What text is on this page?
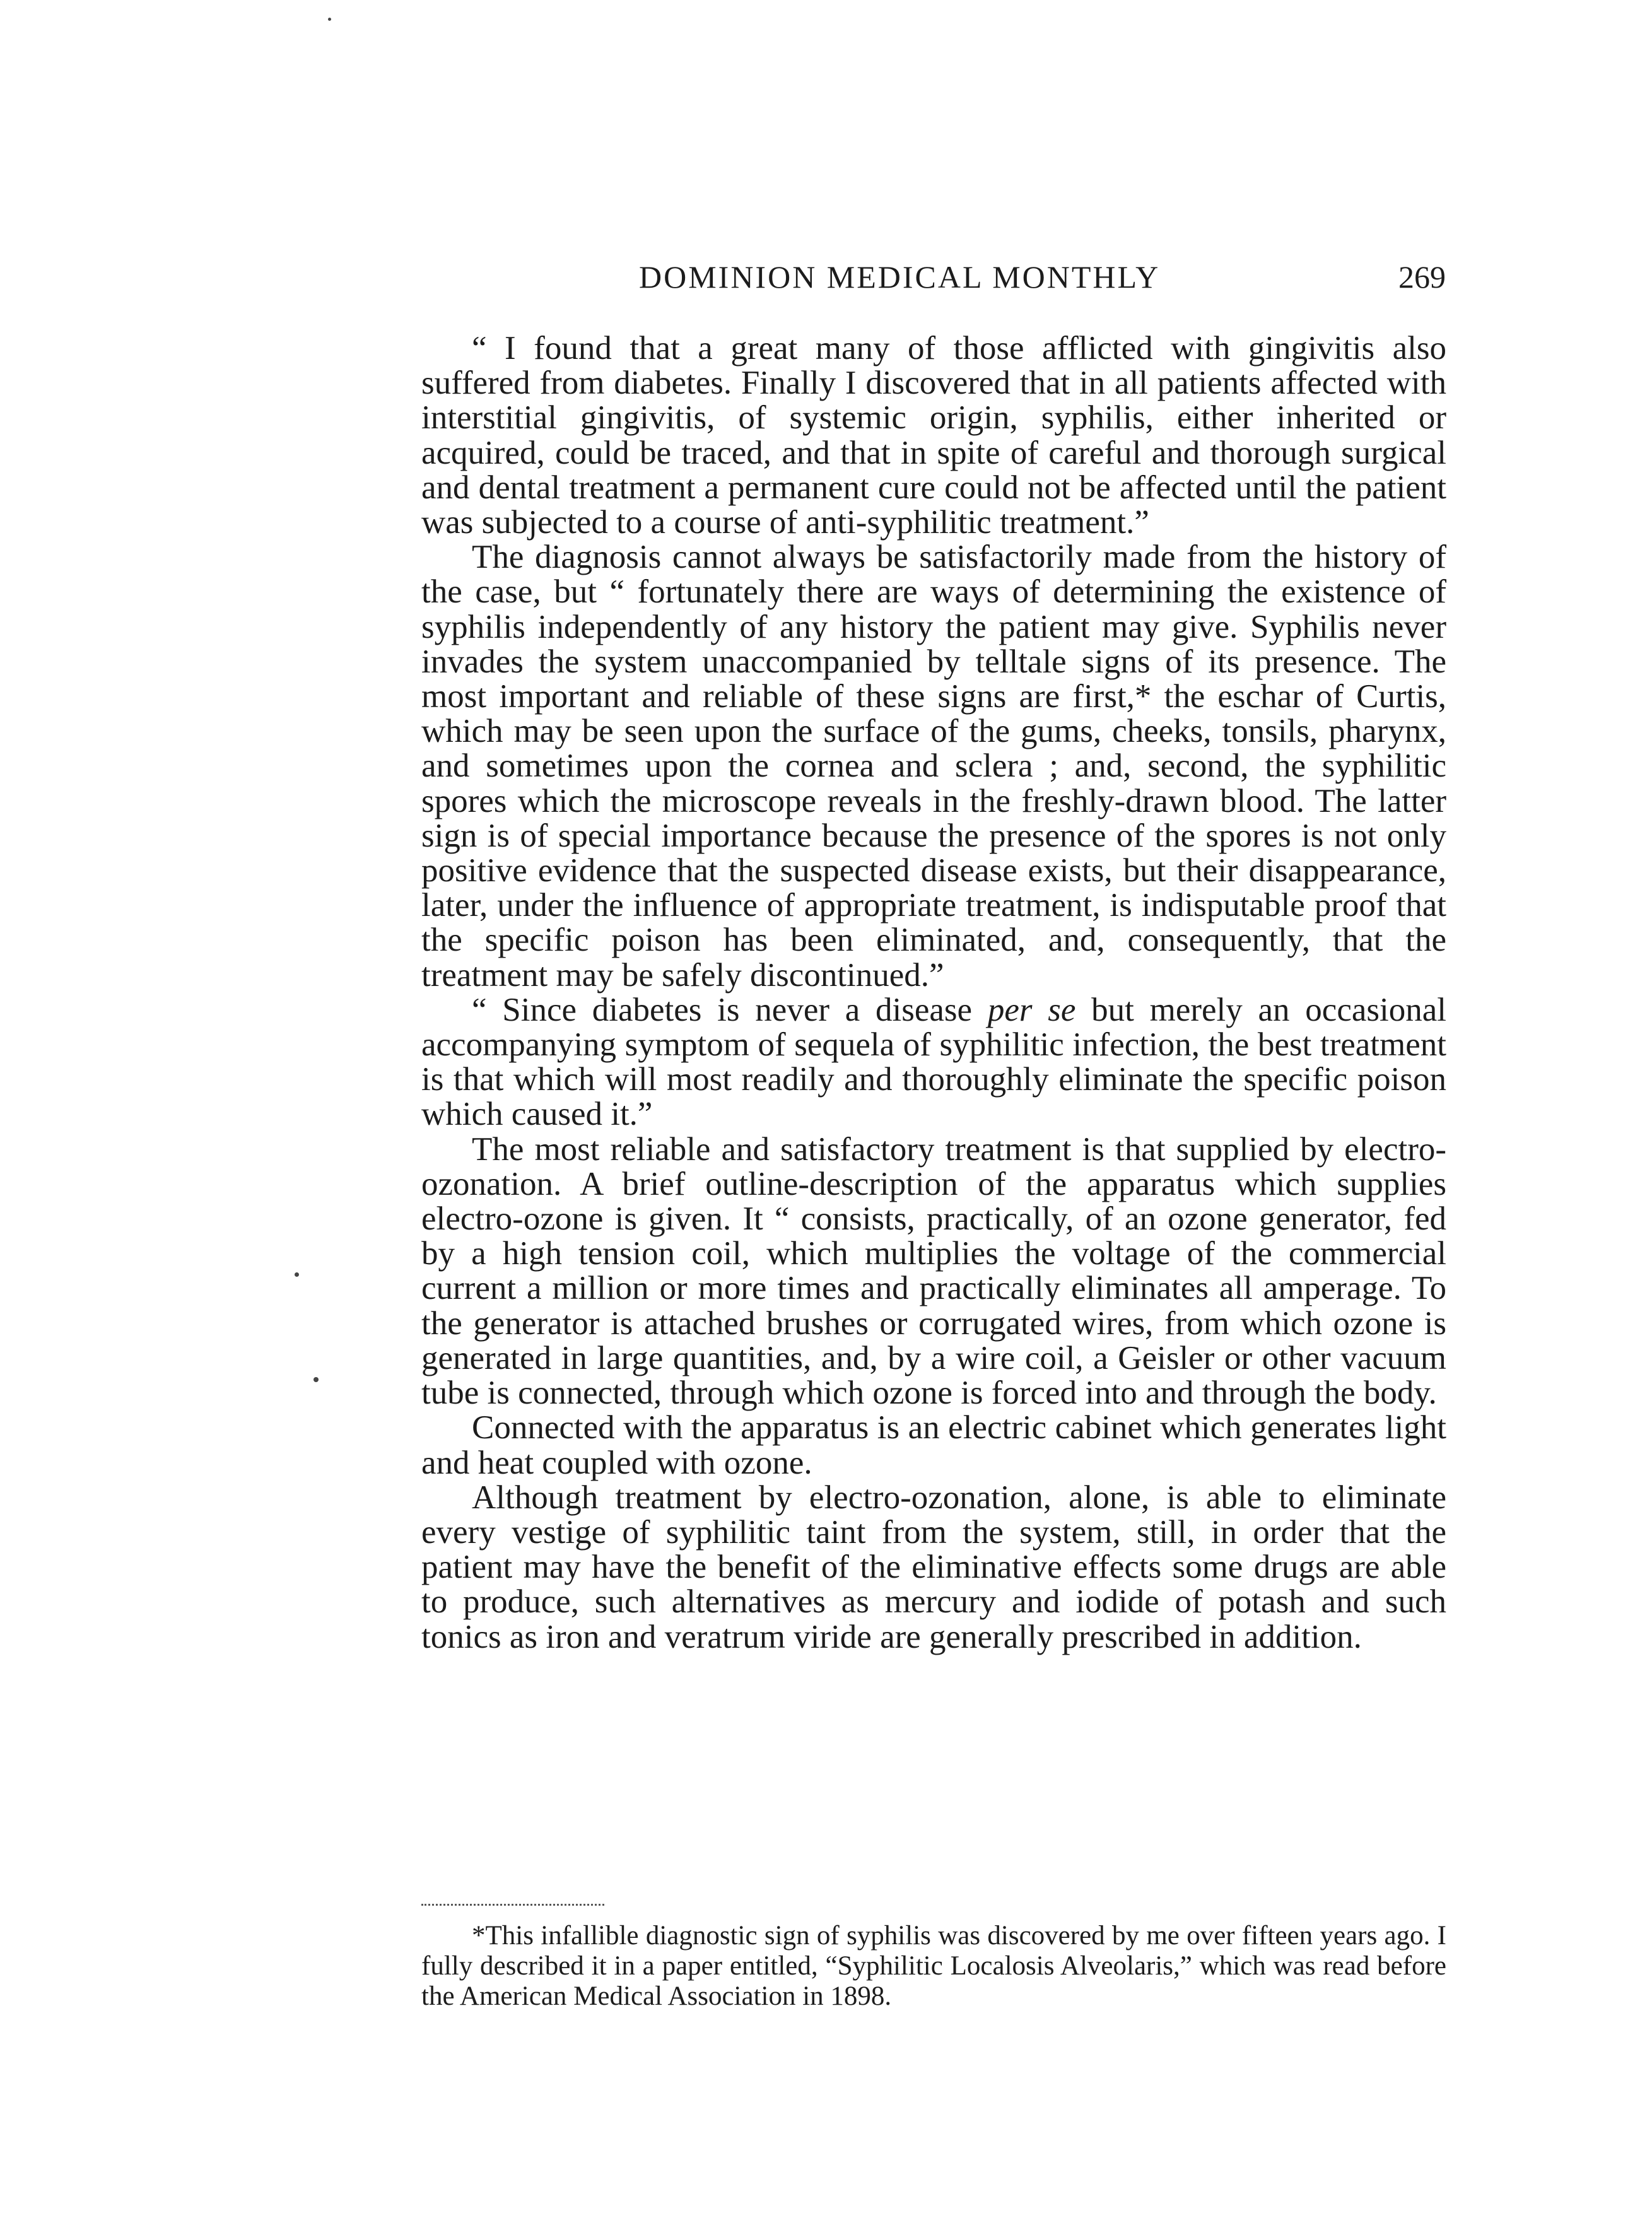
DOMINION MEDICAL MONTHLY	269

“ I found that a great many of those afflicted with gingivitis also suffered from diabetes. Finally I discovered that in all patients affected with interstitial gingivitis, of systemic origin, syphilis, either inherited or acquired, could be traced, and that in spite of careful and thorough surgical and dental treatment a permanent cure could not be affected until the patient was subjected to a course of anti-syphilitic treatment.”

The diagnosis cannot always be satisfactorily made from the history of the case, but “ fortunately there are ways of determining the existence of syphilis independently of any history the patient may give. Syphilis never invades the system unaccompanied by telltale signs of its presence. The most important and reliable of these signs are first,* the eschar of Curtis, which may be seen upon the surface of the gums, cheeks, tonsils, pharynx, and sometimes upon the cornea and sclera ; and, second, the syphilitic spores which the microscope reveals in the freshly-drawn blood. The latter sign is of special importance because the presence of the spores is not only positive evidence that the suspected disease exists, but their disappearance, later, under the influence of appropriate treatment, is indisputable proof that the specific poison has been eliminated, and, consequently, that the treatment may be safely discontinued.”

“ Since diabetes is never a disease per se but merely an occasional accompanying symptom of sequela of syphilitic infection, the best treatment is that which will most readily and thoroughly eliminate the specific poison which caused it.”

The most reliable and satisfactory treatment is that supplied by electro-ozonation. A brief outline-description of the apparatus which supplies electro-ozone is given. It “ consists, practically, of an ozone generator, fed by a high tension coil, which multiplies the voltage of the commercial current a million or more times and practically eliminates all amperage. To the generator is attached brushes or corrugated wires, from which ozone is generated in large quantities, and, by a wire coil, a Geisler or other vacuum tube is connected, through which ozone is forced into and through the body.

Connected with the apparatus is an electric cabinet which generates light and heat coupled with ozone.

Although treatment by electro-ozonation, alone, is able to eliminate every vestige of syphilitic taint from the system, still, in order that the patient may have the benefit of the eliminative effects some drugs are able to produce, such alternatives as mercury and iodide of potash and such tonics as iron and veratrum viride are generally prescribed in addition.

*This infallible diagnostic sign of syphilis was discovered by me over fifteen years ago. I fully described it in a paper entitled, “Syphilitic Localosis Alveolaris,” which was read before the American Medical Association in 1898.
